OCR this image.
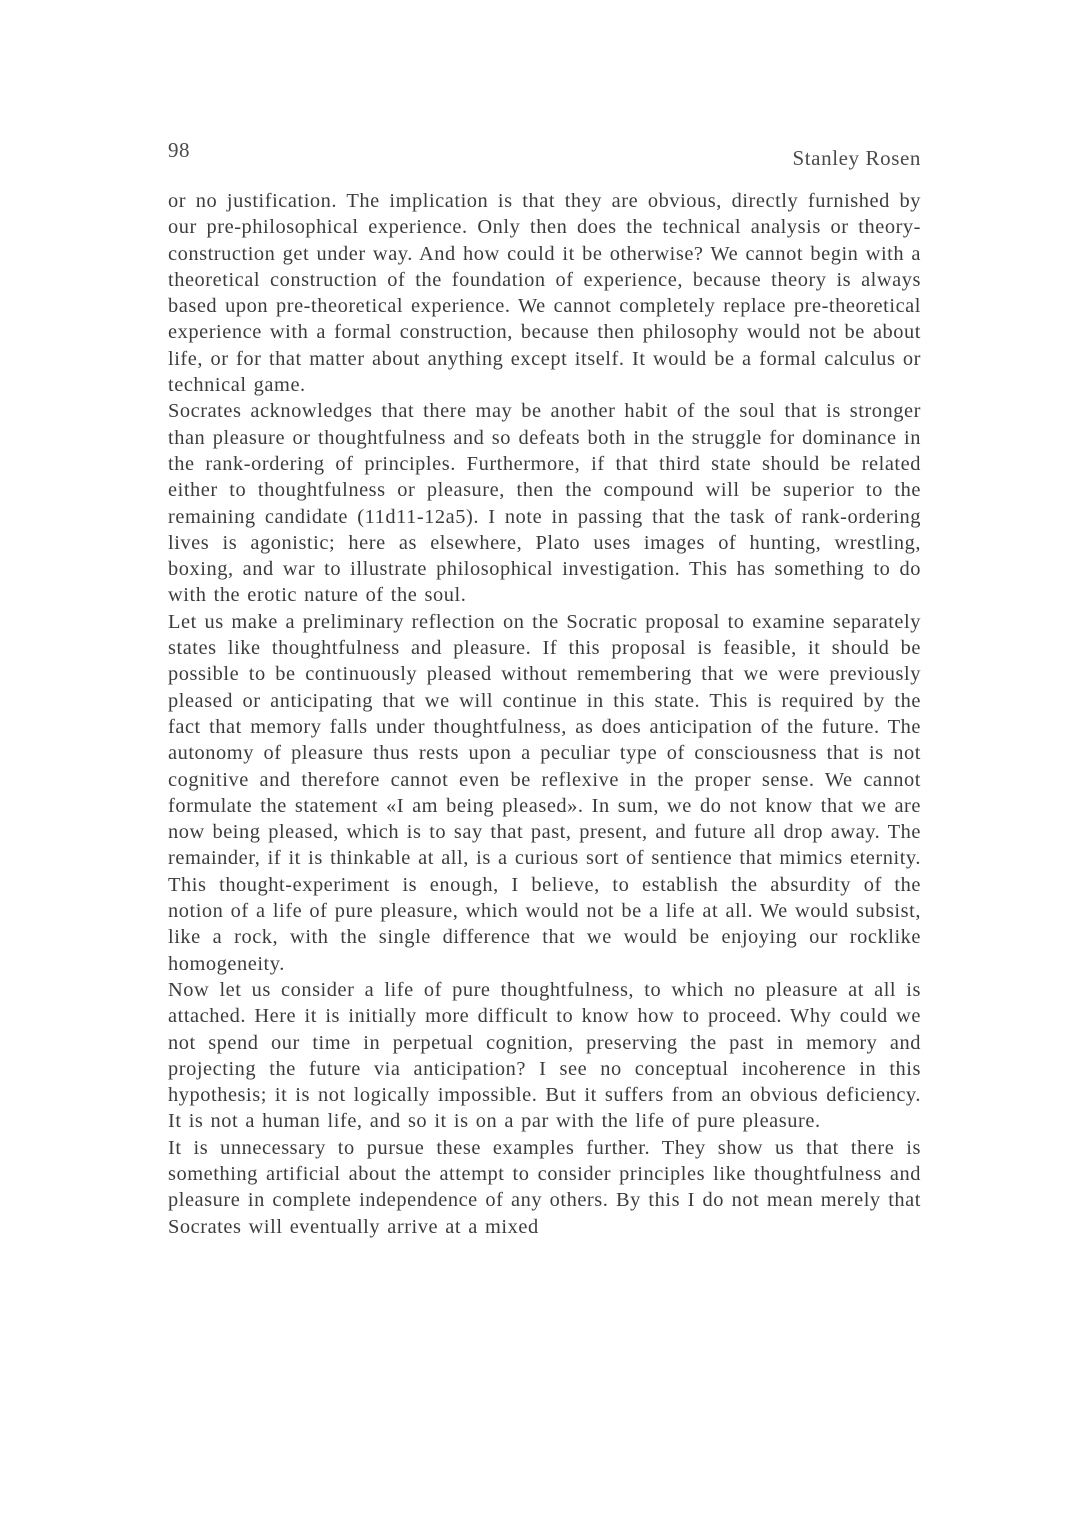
98	Stanley Rosen

or no justification. The implication is that they are obvious, directly furnished by our pre-philosophical experience. Only then does the technical analysis or theory-construction get under way. And how could it be otherwise? We cannot begin with a theoretical construction of the foundation of experience, because theory is always based upon pre-theoretical experience. We cannot completely replace pre-theoretical experience with a formal construction, because then philosophy would not be about life, or for that matter about anything except itself. It would be a formal calculus or technical game.

Socrates acknowledges that there may be another habit of the soul that is stronger than pleasure or thoughtfulness and so defeats both in the struggle for dominance in the rank-ordering of principles. Furthermore, if that third state should be related either to thoughtfulness or pleasure, then the compound will be superior to the remaining candidate (11d11-12a5). I note in passing that the task of rank-ordering lives is agonistic; here as elsewhere, Plato uses images of hunting, wrestling, boxing, and war to illustrate philosophical investigation. This has something to do with the erotic nature of the soul.

Let us make a preliminary reflection on the Socratic proposal to examine separately states like thoughtfulness and pleasure. If this proposal is feasible, it should be possible to be continuously pleased without remembering that we were previously pleased or anticipating that we will continue in this state. This is required by the fact that memory falls under thoughtfulness, as does anticipation of the future. The autonomy of pleasure thus rests upon a peculiar type of consciousness that is not cognitive and therefore cannot even be reflexive in the proper sense. We cannot formulate the statement «I am being pleased». In sum, we do not know that we are now being pleased, which is to say that past, present, and future all drop away. The remainder, if it is thinkable at all, is a curious sort of sentience that mimics eternity. This thought-experiment is enough, I believe, to establish the absurdity of the notion of a life of pure pleasure, which would not be a life at all. We would subsist, like a rock, with the single difference that we would be enjoying our rocklike homogeneity.

Now let us consider a life of pure thoughtfulness, to which no pleasure at all is attached. Here it is initially more difficult to know how to proceed. Why could we not spend our time in perpetual cognition, preserving the past in memory and projecting the future via anticipation? I see no conceptual incoherence in this hypothesis; it is not logically impossible. But it suffers from an obvious deficiency. It is not a human life, and so it is on a par with the life of pure pleasure.

It is unnecessary to pursue these examples further. They show us that there is something artificial about the attempt to consider principles like thoughtfulness and pleasure in complete independence of any others. By this I do not mean merely that Socrates will eventually arrive at a mixed
